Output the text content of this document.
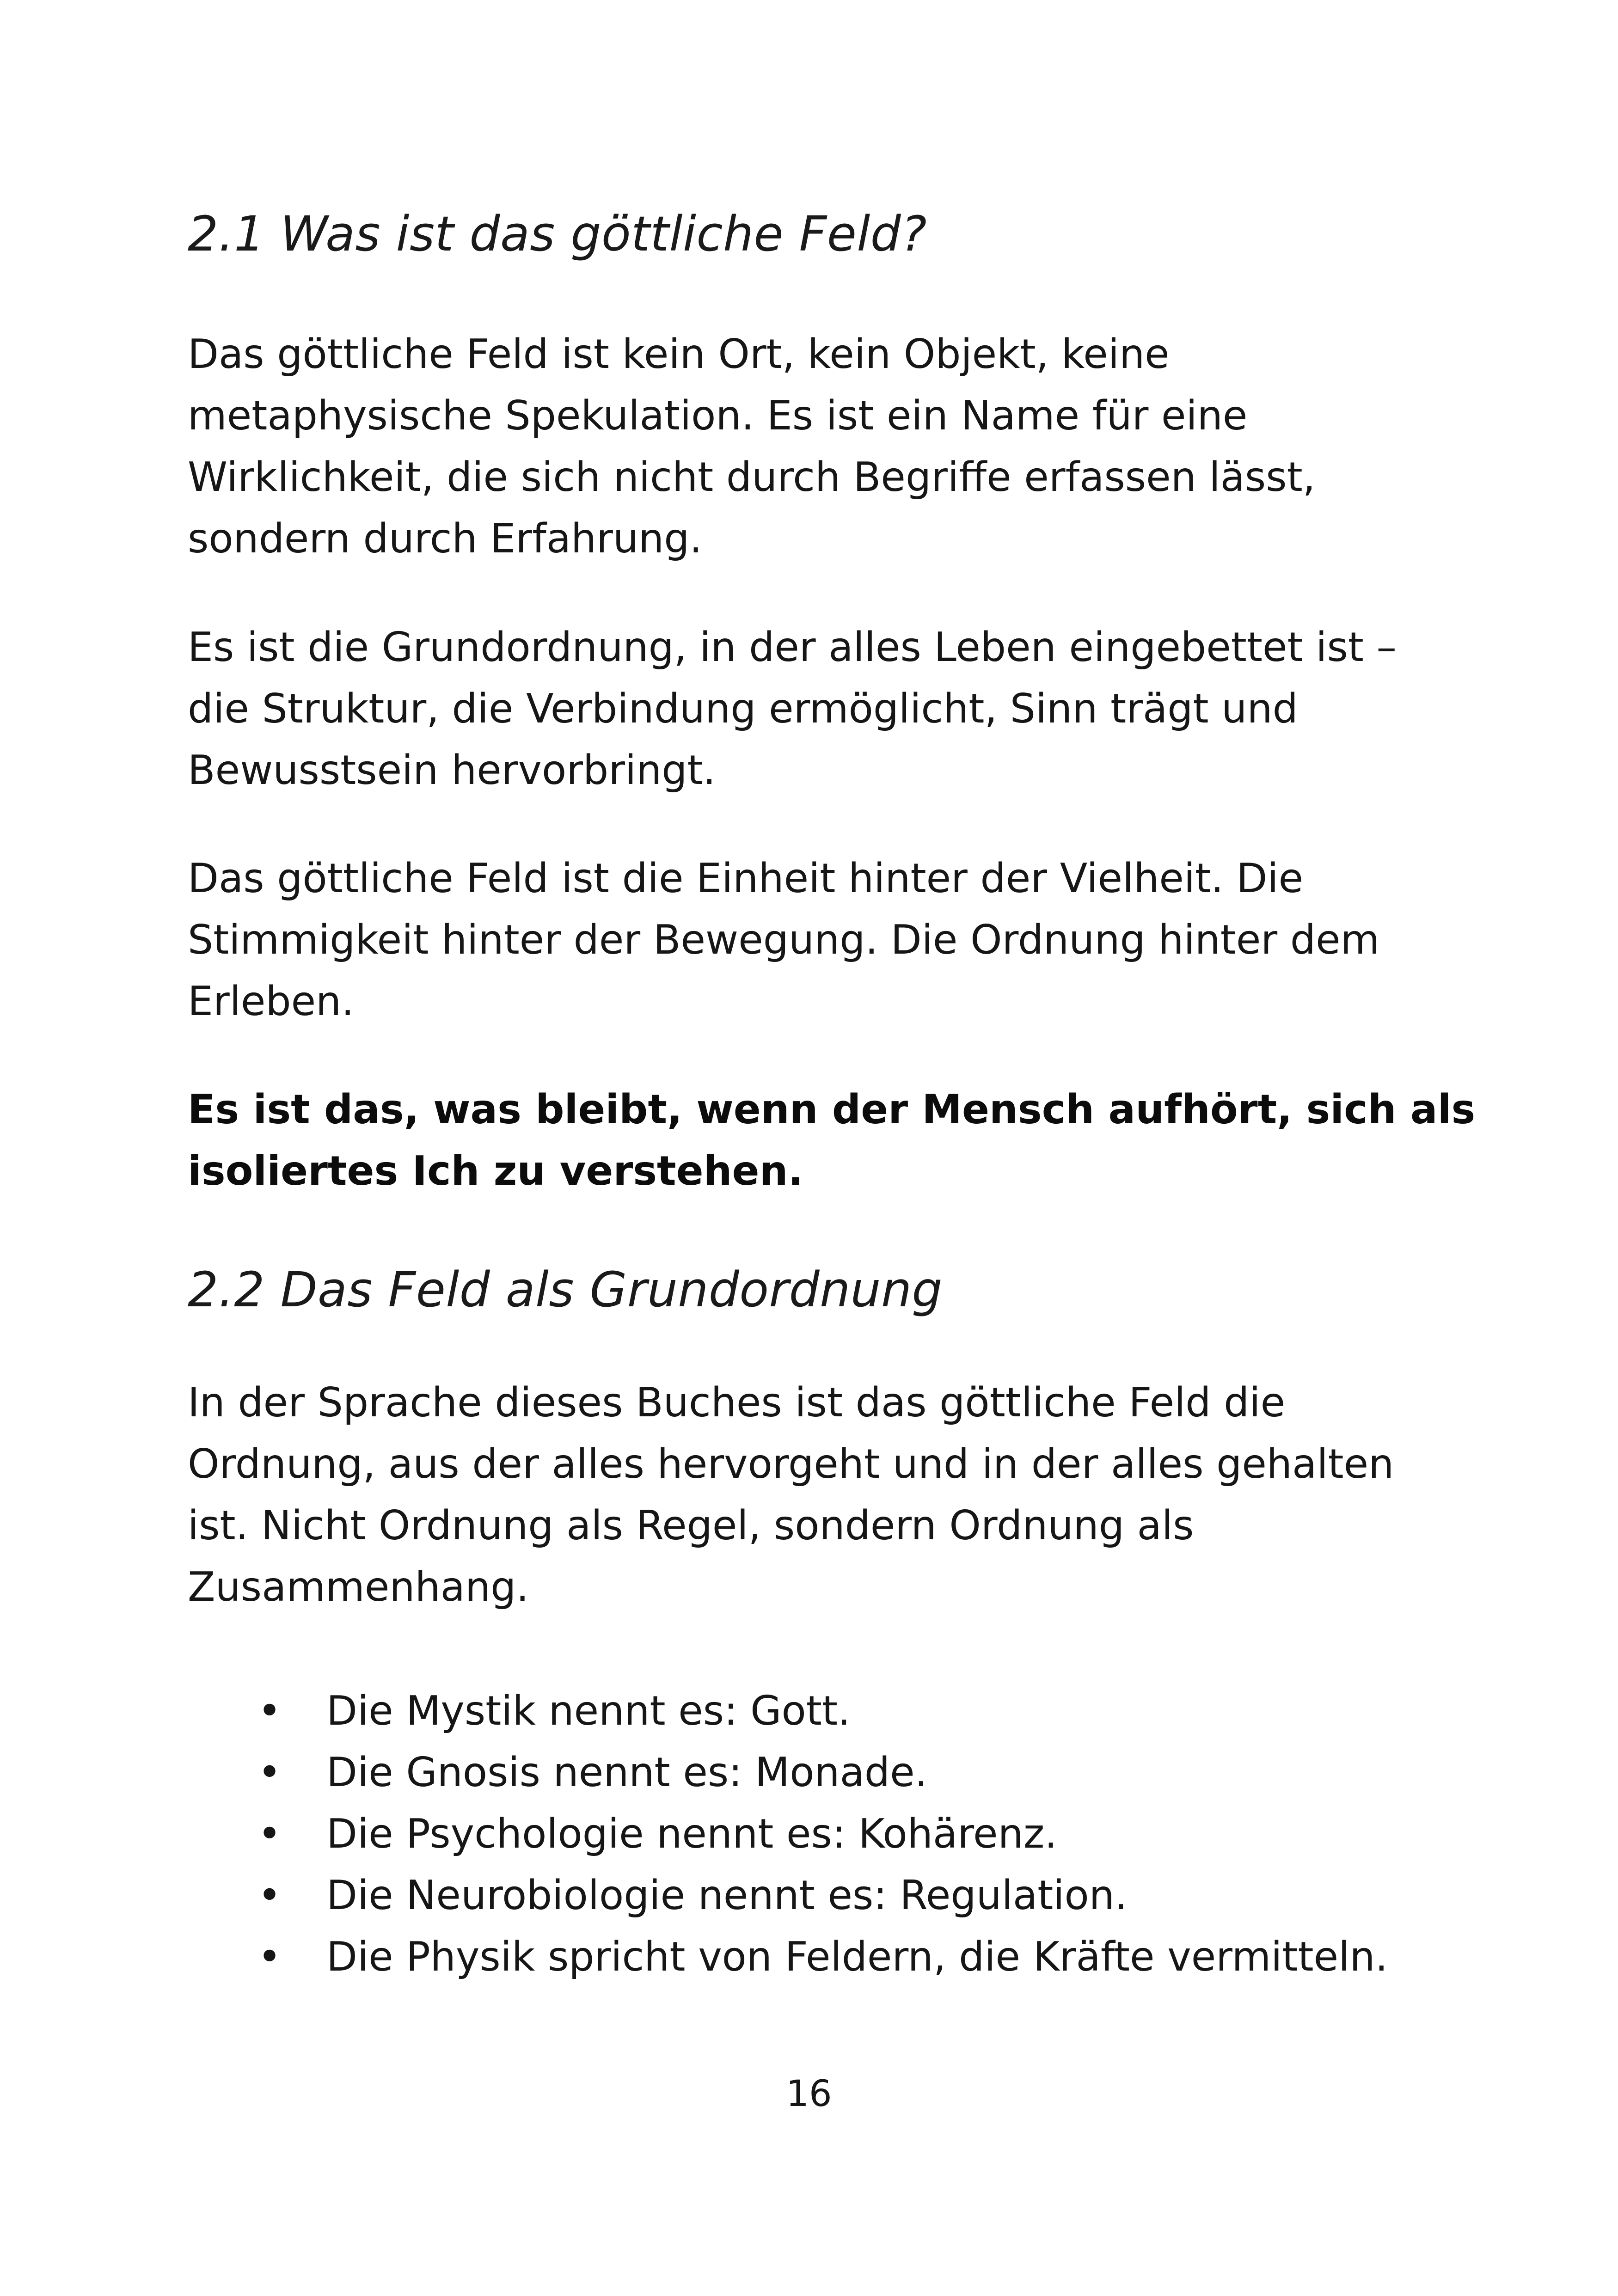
2.1 Was ist das göttliche Feld?

Das göttliche Feld ist kein Ort, kein Objekt, keine
metaphysische Spekulation. Es ist ein Name für eine
Wirklichkeit, die sich nicht durch Begriffe erfassen lässt,
sondern durch Erfahrung.

Es ist die Grundordnung, in der alles Leben eingebettet ist –
die Struktur, die Verbindung ermöglicht, Sinn trägt und
Bewusstsein hervorbringt.

Das göttliche Feld ist die Einheit hinter der Vielheit. Die
Stimmigkeit hinter der Bewegung. Die Ordnung hinter dem
Erleben.

Es ist das, was bleibt, wenn der Mensch aufhört, sich als
isoliertes Ich zu verstehen.

2.2 Das Feld als Grundordnung

In der Sprache dieses Buches ist das göttliche Feld die
Ordnung, aus der alles hervorgeht und in der alles gehalten
ist. Nicht Ordnung als Regel, sondern Ordnung als
Zusammenhang.

• Die Mystik nennt es: Gott.
• Die Gnosis nennt es: Monade.
• Die Psychologie nennt es: Kohärenz.
• Die Neurobiologie nennt es: Regulation.
• Die Physik spricht von Feldern, die Kräfte vermitteln.

16
